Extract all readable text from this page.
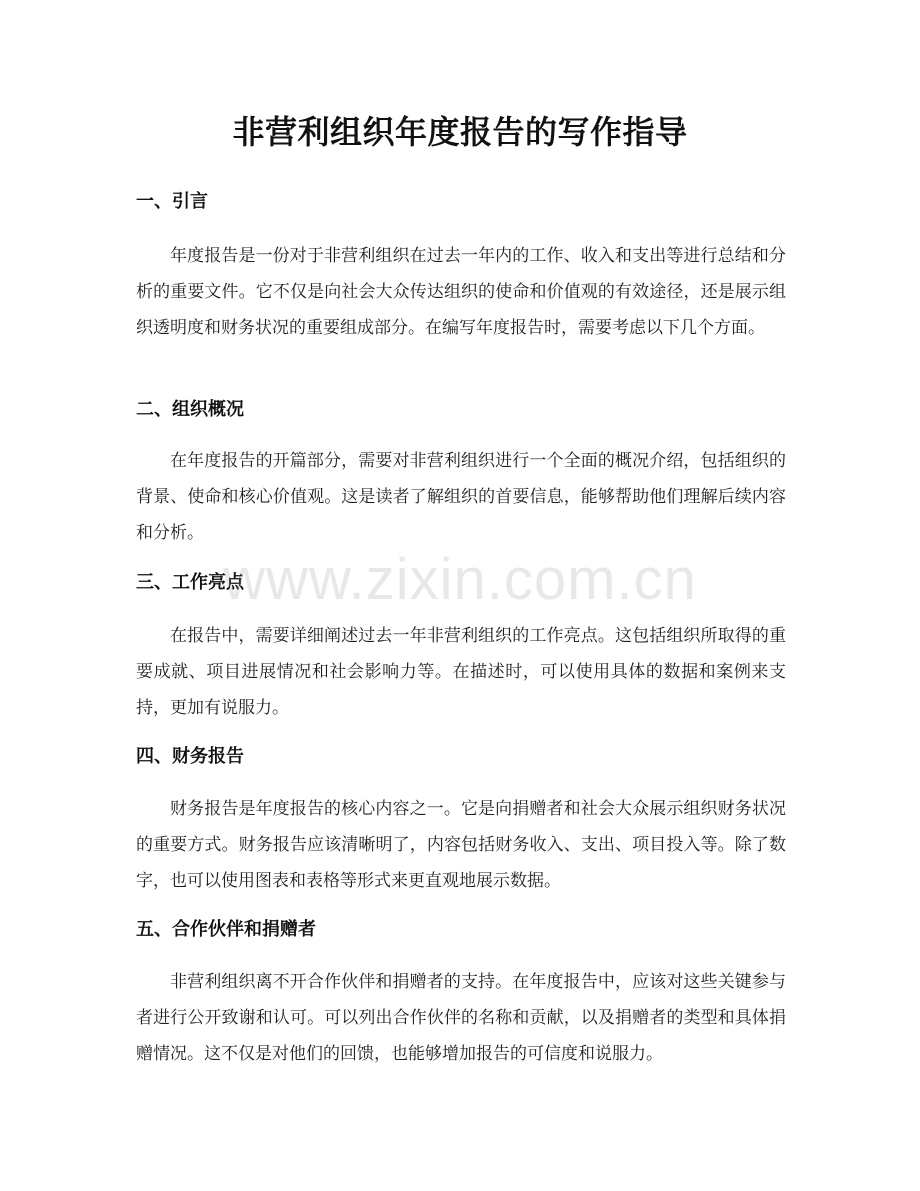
非营利组织年度报告的写作指导
一、引言
年度报告是一份对于非营利组织在过去一年内的工作、收入和支出等进行总结和分析的重要文件。它不仅是向社会大众传达组织的使命和价值观的有效途径，还是展示组织透明度和财务状况的重要组成部分。在编写年度报告时，需要考虑以下几个方面。
二、组织概况
在年度报告的开篇部分，需要对非营利组织进行一个全面的概况介绍，包括组织的背景、使命和核心价值观。这是读者了解组织的首要信息，能够帮助他们理解后续内容和分析。
三、工作亮点
在报告中，需要详细阐述过去一年非营利组织的工作亮点。这包括组织所取得的重要成就、项目进展情况和社会影响力等。在描述时，可以使用具体的数据和案例来支持，更加有说服力。
四、财务报告
财务报告是年度报告的核心内容之一。它是向捐赠者和社会大众展示组织财务状况的重要方式。财务报告应该清晰明了，内容包括财务收入、支出、项目投入等。除了数字，也可以使用图表和表格等形式来更直观地展示数据。
五、合作伙伴和捐赠者
非营利组织离不开合作伙伴和捐赠者的支持。在年度报告中，应该对这些关键参与者进行公开致谢和认可。可以列出合作伙伴的名称和贡献，以及捐赠者的类型和具体捐赠情况。这不仅是对他们的回馈，也能够增加报告的可信度和说服力。
www.zixin.com.cn
